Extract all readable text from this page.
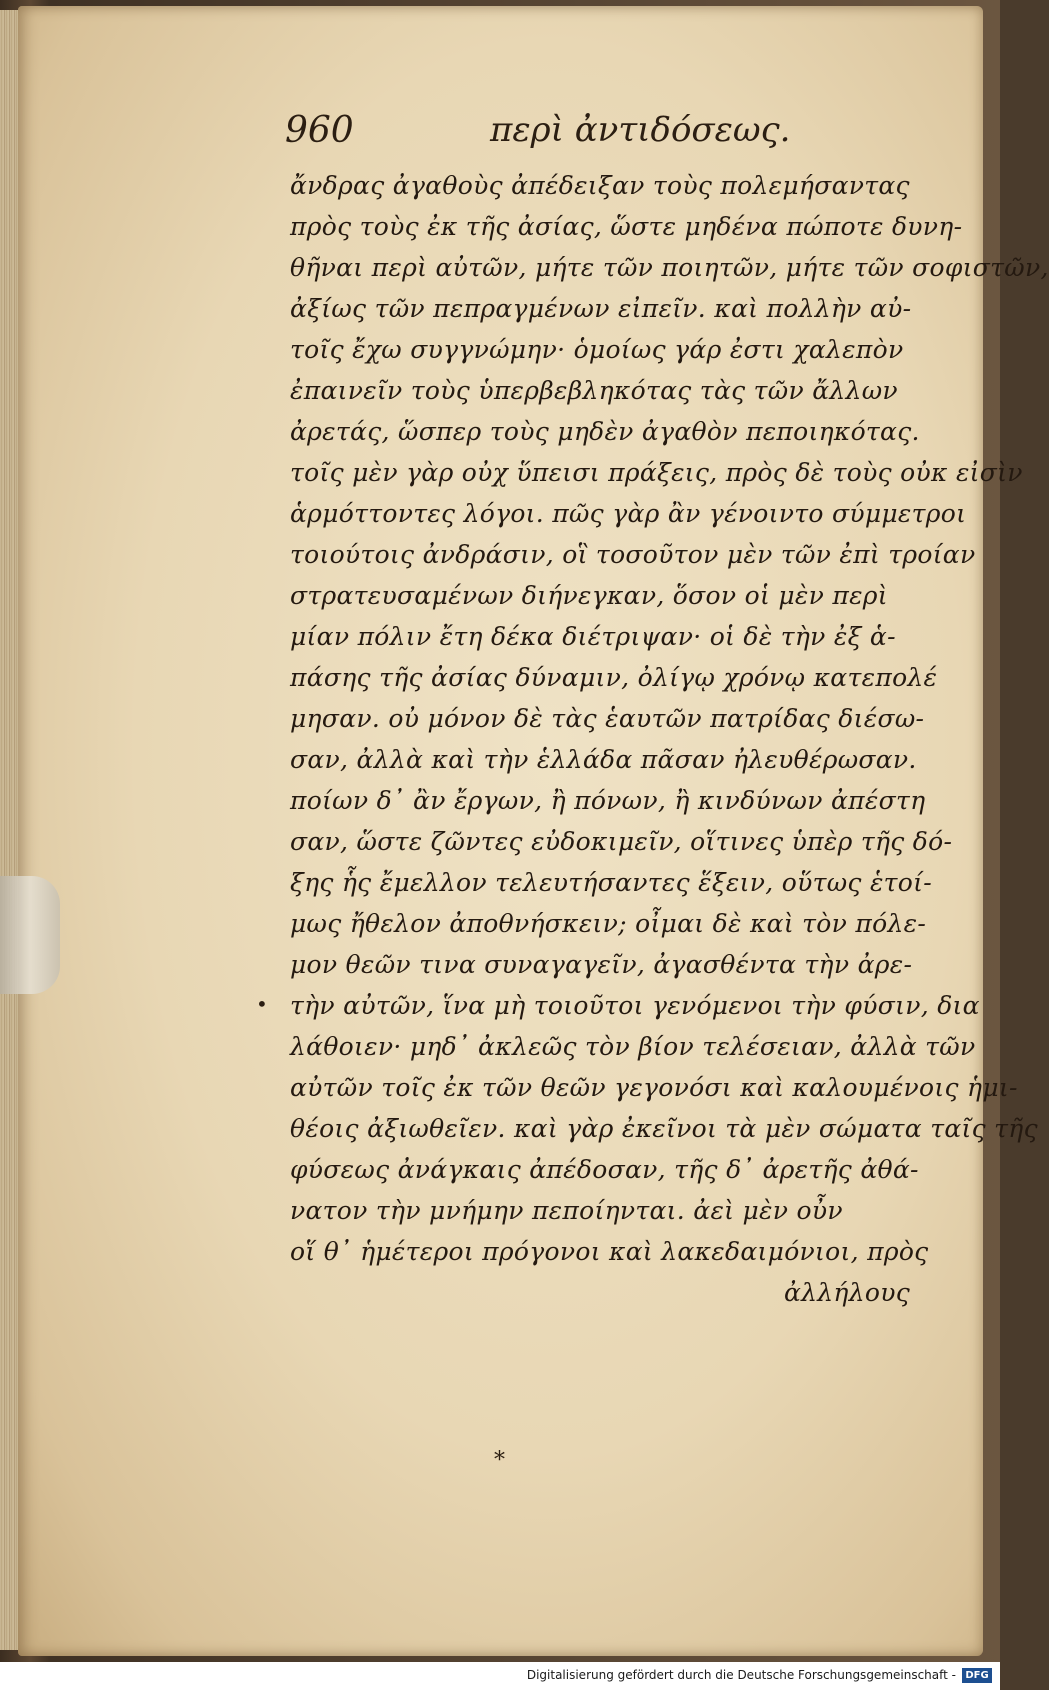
960	περὶ ἀντιδόσεως.
ἄνδρας ἀγαθοὺς ἀπέδειξαν τοὺς πολεμήσαντας
πρὸς τοὺς ἐκ τῆς ἀσίας, ὥστε μηδένα πώποτε δυνη-
θῆναι περὶ αὐτῶν, μήτε τῶν ποιητῶν, μήτε τῶν σοφιστῶν,
ἀξίως τῶν πεπραγμένων εἰπεῖν. καὶ πολλὴν αὐ-
τοῖς ἔχω συγγνώμην· ὁμοίως γάρ ἐστι χαλεπὸν
ἐπαινεῖν τοὺς ὑπερβεβληκότας τὰς τῶν ἄλλων
ἀρετάς, ὥσπερ τοὺς μηδὲν ἀγαθὸν πεποιηκότας.
τοῖς μὲν γὰρ οὐχ ὕπεισι πράξεις, πρὸς δὲ τοὺς οὐκ εἰσὶν
ἁρμόττοντες λόγοι. πῶς γὰρ ἂν γένοιντο σύμμετροι
τοιούτοις ἀνδράσιν, οἳ τοσοῦτον μὲν τῶν ἐπὶ τροίαν
στρατευσαμένων διήνεγκαν, ὅσον οἱ μὲν περὶ
μίαν πόλιν ἔτη δέκα διέτριψαν· οἱ δὲ τὴν ἐξ ἁ-
πάσης τῆς ἀσίας δύναμιν, ὀλίγῳ χρόνῳ κατεπολέ
μησαν. οὐ μόνον δὲ τὰς ἑαυτῶν πατρίδας διέσω-
σαν, ἀλλὰ καὶ τὴν ἑλλάδα πᾶσαν ἠλευθέρωσαν.
ποίων δ᾽ ἂν ἔργων, ἢ πόνων, ἢ κινδύνων ἀπέστη
σαν, ὥστε ζῶντες εὐδοκιμεῖν, οἵτινες ὑπὲρ τῆς δό-
ξης ἧς ἔμελλον τελευτήσαντες ἕξειν, οὕτως ἑτοί-
μως ἤθελον ἀποθνήσκειν; οἶμαι δὲ καὶ τὸν πόλε-
μον θεῶν τινα συναγαγεῖν, ἀγασθέντα τὴν ἀρε-
τὴν αὐτῶν, ἵνα μὴ τοιοῦτοι γενόμενοι τὴν φύσιν, δια
λάθοιεν· μηδ᾽ ἀκλεῶς τὸν βίον τελέσειαν, ἀλλὰ τῶν
αὐτῶν τοῖς ἐκ τῶν θεῶν γεγονόσι καὶ καλουμένοις ἡμι-
θέοις ἀξιωθεῖεν. καὶ γὰρ ἐκεῖνοι τὰ μὲν σώματα ταῖς τῆς
φύσεως ἀνάγκαις ἀπέδοσαν, τῆς δ᾽ ἀρετῆς ἀθά-
νατον τὴν μνήμην πεποίηνται. ἀεὶ μὲν οὖν
οἵ θ᾽ ἡμέτεροι πρόγονοι καὶ λακεδαιμόνιοι, πρὸς
ἀλλήλους
•
*
Digitalisierung gefördert durch die Deutsche Forschungsgemeinschaft - DFG
